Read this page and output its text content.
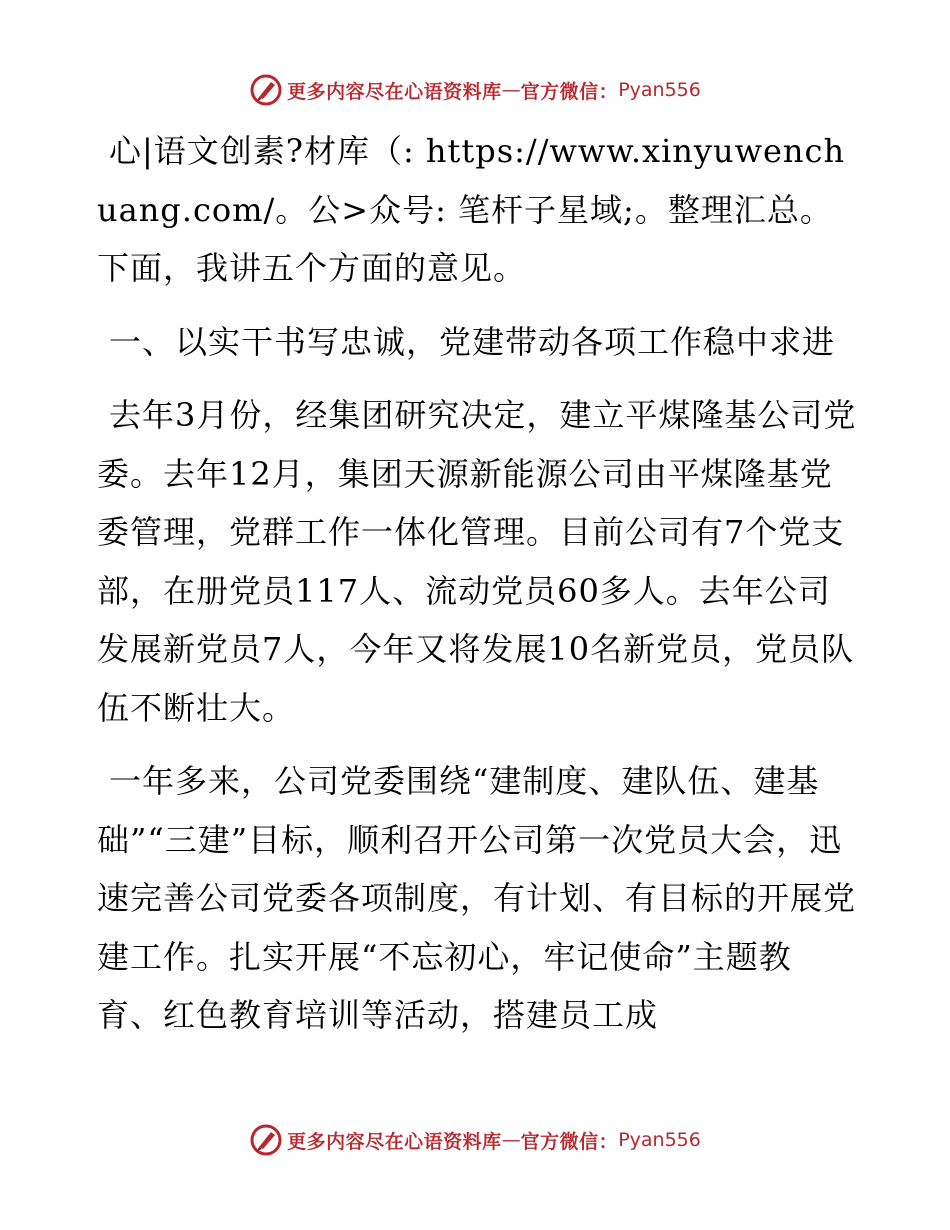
更多内容尽在心语资料库 — 官方微信： Pyan556

心|语文创素?材库（: https://www.xinyuwenchuang.com/。公>众号: 笔杆子星域;。整理汇总。下面，我讲五个方面的意见。

一、以实干书写忠诚，党建带动各项工作稳中求进

去年3月份，经集团研究决定，建立平煤隆基公司党委。去年12月，集团天源新能源公司由平煤隆基党委管理，党群工作一体化管理。目前公司有7个党支部，在册党员117人、流动党员60多人。去年公司发展新党员7人，今年又将发展10名新党员，党员队伍不断壮大。

一年多来，公司党委围绕“建制度、建队伍、建基础”“三建”目标，顺利召开公司第一次党员大会，迅速完善公司党委各项制度，有计划、有目标的开展党建工作。扎实开展“不忘初心，牢记使命”主题教育、红色教育培训等活动，搭建员工成

更多内容尽在心语资料库 — 官方微信： Pyan556
